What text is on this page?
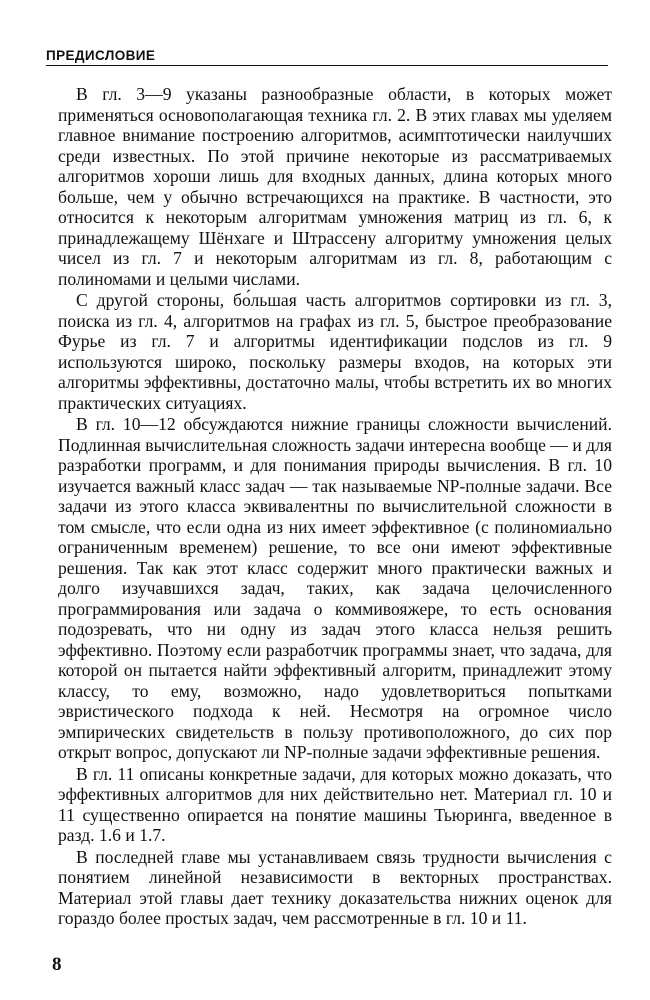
ПРЕДИСЛОВИЕ

В гл. 3—9 указаны разнообразные области, в которых может применяться основополагающая техника гл. 2. В этих главах мы уделяем главное внимание построению алгоритмов, асимптотически наилучших среди известных. По этой причине некоторые из рассматриваемых алгоритмов хороши лишь для входных данных, длина которых много больше, чем у обычно встречающихся на практике. В частности, это относится к некоторым алгоритмам умножения матриц из гл. 6, к принадлежащему Шёнхаге и Штрассену алгоритму умножения целых чисел из гл. 7 и некоторым алгоритмам из гл. 8, работающим с полиномами и целыми числами.

С другой стороны, бо́льшая часть алгоритмов сортировки из гл. 3, поиска из гл. 4, алгоритмов на графах из гл. 5, быстрое преобразование Фурье из гл. 7 и алгоритмы идентификации подслов из гл. 9 используются широко, поскольку размеры входов, на которых эти алгоритмы эффективны, достаточно малы, чтобы встретить их во многих практических ситуациях.

В гл. 10—12 обсуждаются нижние границы сложности вычислений. Подлинная вычислительная сложность задачи интересна вообще — и для разработки программ, и для понимания природы вычисления. В гл. 10 изучается важный класс задач — так называемые NP-полные задачи. Все задачи из этого класса эквивалентны по вычислительной сложности в том смысле, что если одна из них имеет эффективное (с полиномиально ограниченным временем) решение, то все они имеют эффективные решения. Так как этот класс содержит много практически важных и долго изучавшихся задач, таких, как задача целочисленного программирования или задача о коммивояжере, то есть основания подозревать, что ни одну из задач этого класса нельзя решить эффективно. Поэтому если разработчик программы знает, что задача, для которой он пытается найти эффективный алгоритм, принадлежит этому классу, то ему, возможно, надо удовлетвориться попытками эвристического подхода к ней. Несмотря на огромное число эмпирических свидетельств в пользу противоположного, до сих пор открыт вопрос, допускают ли NP-полные задачи эффективные решения.

В гл. 11 описаны конкретные задачи, для которых можно доказать, что эффективных алгоритмов для них действительно нет. Материал гл. 10 и 11 существенно опирается на понятие машины Тьюринга, введенное в разд. 1.6 и 1.7.

В последней главе мы устанавливаем связь трудности вычисления с понятием линейной независимости в векторных пространствах. Материал этой главы дает технику доказательства нижних оценок для гораздо более простых задач, чем рассмотренные в гл. 10 и 11.

8
